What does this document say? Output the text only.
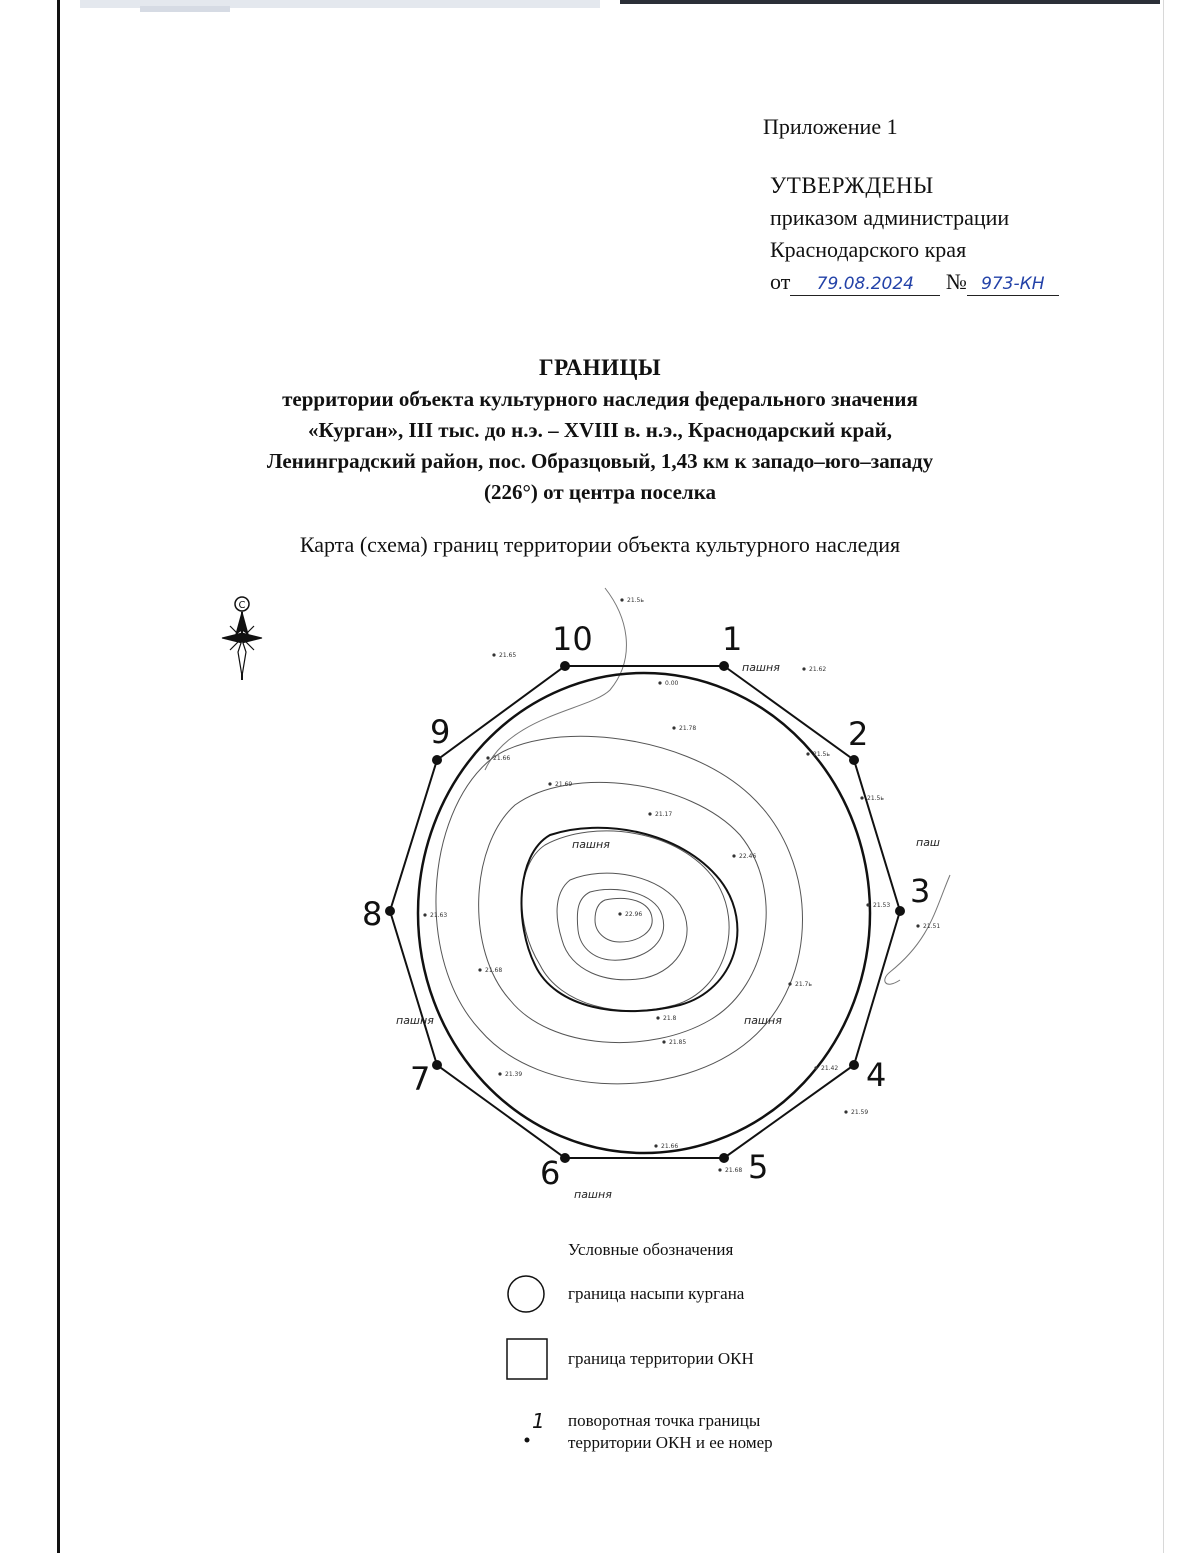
Приложение 1
УТВЕРЖДЕНЫ
приказом администрации
Краснодарского края
от 79.08.2024 № 973-КН
ГРАНИЦЫ
территории объекта культурного наследия федерального значения
«Курган», III тыс. до н.э. – XVIII в. н.э., Краснодарский край,
Ленинградский район, пос. Образцовый, 1,43 км к западо–юго–западу
(226°) от центра поселка
Карта (схема) границ территории объекта культурного наследия
С
1
2
3
4
5
6
7
8
9
10
пашня
паш
пашня
пашня
пашня
пашня
21.5ь
21.65
21.62
0.00
21.78
21.5ь
21.5ь
21.69
21.66
22.46
21.53
21.51
22.96
21.63
21.68
21.7ь
21.8
21.85
21.42
21.39
21.59
21.66
21.68
21.17
Условные обозначения
граница насыпи кургана
граница территории ОКН
1 поворотная точка границы
территории ОКН и ее номер
